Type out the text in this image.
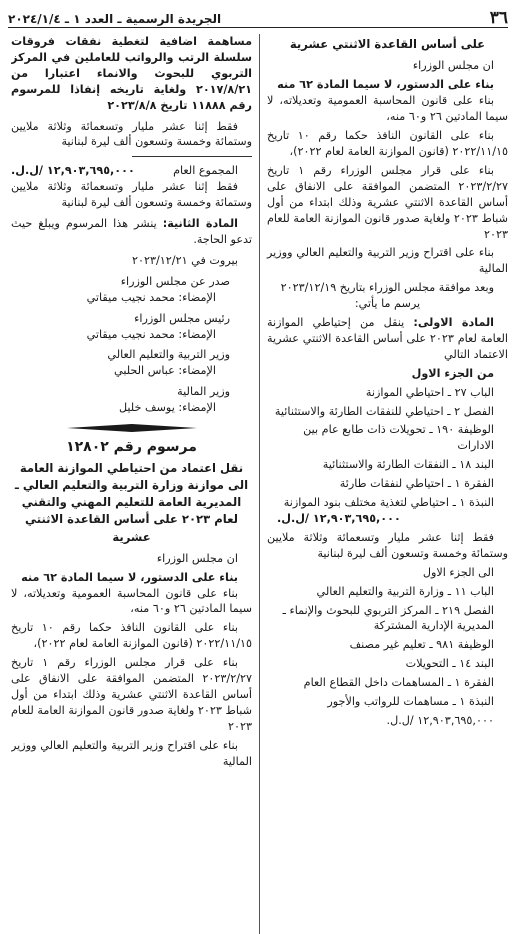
٣٦
الجريدة الرسمية ـ العدد ١ ـ ٢٠٢٤/١/٤

على أساس القاعدة الاثنتي عشرية

ان مجلس الوزراء

بناء على الدستور، لا سيما المادة ٦٢ منه

بناء على قانون المحاسبة العمومية وتعديلاته، لا سيما المادتين ٢٦ و٦٠ منه،

بناء على القانون النافذ حكما رقم ١٠ تاريخ ٢٠٢٢/١١/١٥ (قانون الموازنة العامة لعام ٢٠٢٢)،

بناء على قرار مجلس الوزراء رقم ١ تاريخ ٢٠٢٣/٢/٢٧ المتضمن الموافقة على الانفاق على أساس القاعدة الاثنتي عشرية وذلك ابتداء من أول شباط ٢٠٢٣ ولغاية صدور قانون الموازنة العامة للعام ٢٠٢٣

بناء على اقتراح وزير التربية والتعليم العالي ووزير المالية

وبعد موافقة مجلس الوزراء بتاريخ ٢٠٢٣/١٢/١٩

يرسم ما يأتي:

المادة الاولى: ينقل من إحتياطي الموازنة العامة لعام ٢٠٢٣ على أساس القاعدة الاثنتي عشرية الاعتماد التالي

من الجزء الاول

الباب ٢٧ ـ احتياطي الموازنة

الفصل ٢ ـ احتياطي للنفقات الطارئة والاستثنائية

الوظيفة ١٩٠ ـ تحويلات ذات طابع عام بين الادارات

البند ١٨ ـ النفقات الطارئة والاستثنائية

الفقرة ١ ـ احتياطي لنفقات طارئة

النبذة ١ ـ احتياطي لتغذية مختلف بنود الموازنة

١٢,٩٠٣,٦٩٥,٠٠٠ /ل.ل.

فقط إثنا عشر مليار وتسعمائة وثلاثة ملايين وستمائة وخمسة وتسعون ألف ليرة لبنانية

الى الجزء الاول

الباب ١١ ـ وزارة التربية والتعليم العالي

الفصل ٢١٩ ـ المركز التربوي للبحوث والإنماء ـ المديرية الإدارية المشتركة

الوظيفة ٩٨١ ـ تعليم غير مصنف

البند ١٤ ـ التحويلات

الفقرة ١ ـ المساهمات داخل القطاع العام

النبذة ١ ـ مساهمات للرواتب والأجور

١٢,٩٠٣,٦٩٥,٠٠٠ /ل.ل.

مساهمة اضافية لتغطية نفقات فروقات سلسلة الرتب والرواتب للعاملين في المركز التربوي للبحوث والانماء اعتبارا من ٢٠١٧/٨/٢١ ولغاية تاريخه إنفاذا للمرسوم رقم ١١٨٨٨ تاريخ ٢٠٢٣/٨/٨

فقط إثنا عشر مليار وتسعمائة وثلاثة ملايين وستمائة وخمسة وتسعون ألف ليرة لبنانية

المجموع العام
١٢,٩٠٣,٦٩٥,٠٠٠ /ل.ل.

فقط إثنا عشر مليار وتسعمائة وثلاثة ملايين وستمائة وخمسة وتسعون ألف ليرة لبنانية

المادة الثانية: ينشر هذا المرسوم ويبلغ حيث تدعو الحاجة.

بيروت في ٢٠٢٣/١٢/٢١

صدر عن مجلس الوزراء

الإمضاء: محمد نجيب ميقاتي

رئيس مجلس الوزراء

الإمضاء: محمد نجيب ميقاتي

وزير التربية والتعليم العالي

الإمضاء: عباس الحلبي

وزير المالية

الإمضاء: يوسف خليل

مرسوم رقم ١٢٨٠٢

نقل اعتماد من احتياطي الموازنة العامة الى موازنة وزارة التربية والتعليم العالي ـ المديرية العامة للتعليم المهني والتقني لعام ٢٠٢٣ على أساس القاعدة الاثنتي عشرية

ان مجلس الوزراء

بناء على الدستور، لا سيما المادة ٦٢ منه

بناء على قانون المحاسبة العمومية وتعديلاته، لا سيما المادتين ٢٦ و٦٠ منه،

بناء على القانون النافذ حكما رقم ١٠ تاريخ ٢٠٢٢/١١/١٥ (قانون الموازنة العامة لعام ٢٠٢٢)،

بناء على قرار مجلس الوزراء رقم ١ تاريخ ٢٠٢٣/٢/٢٧ المتضمن الموافقة على الانفاق على أساس القاعدة الاثنتي عشرية وذلك ابتداء من أول شباط ٢٠٢٣ ولغاية صدور قانون الموازنة العامة للعام ٢٠٢٣

بناء على اقتراح وزير التربية والتعليم العالي ووزير المالية
